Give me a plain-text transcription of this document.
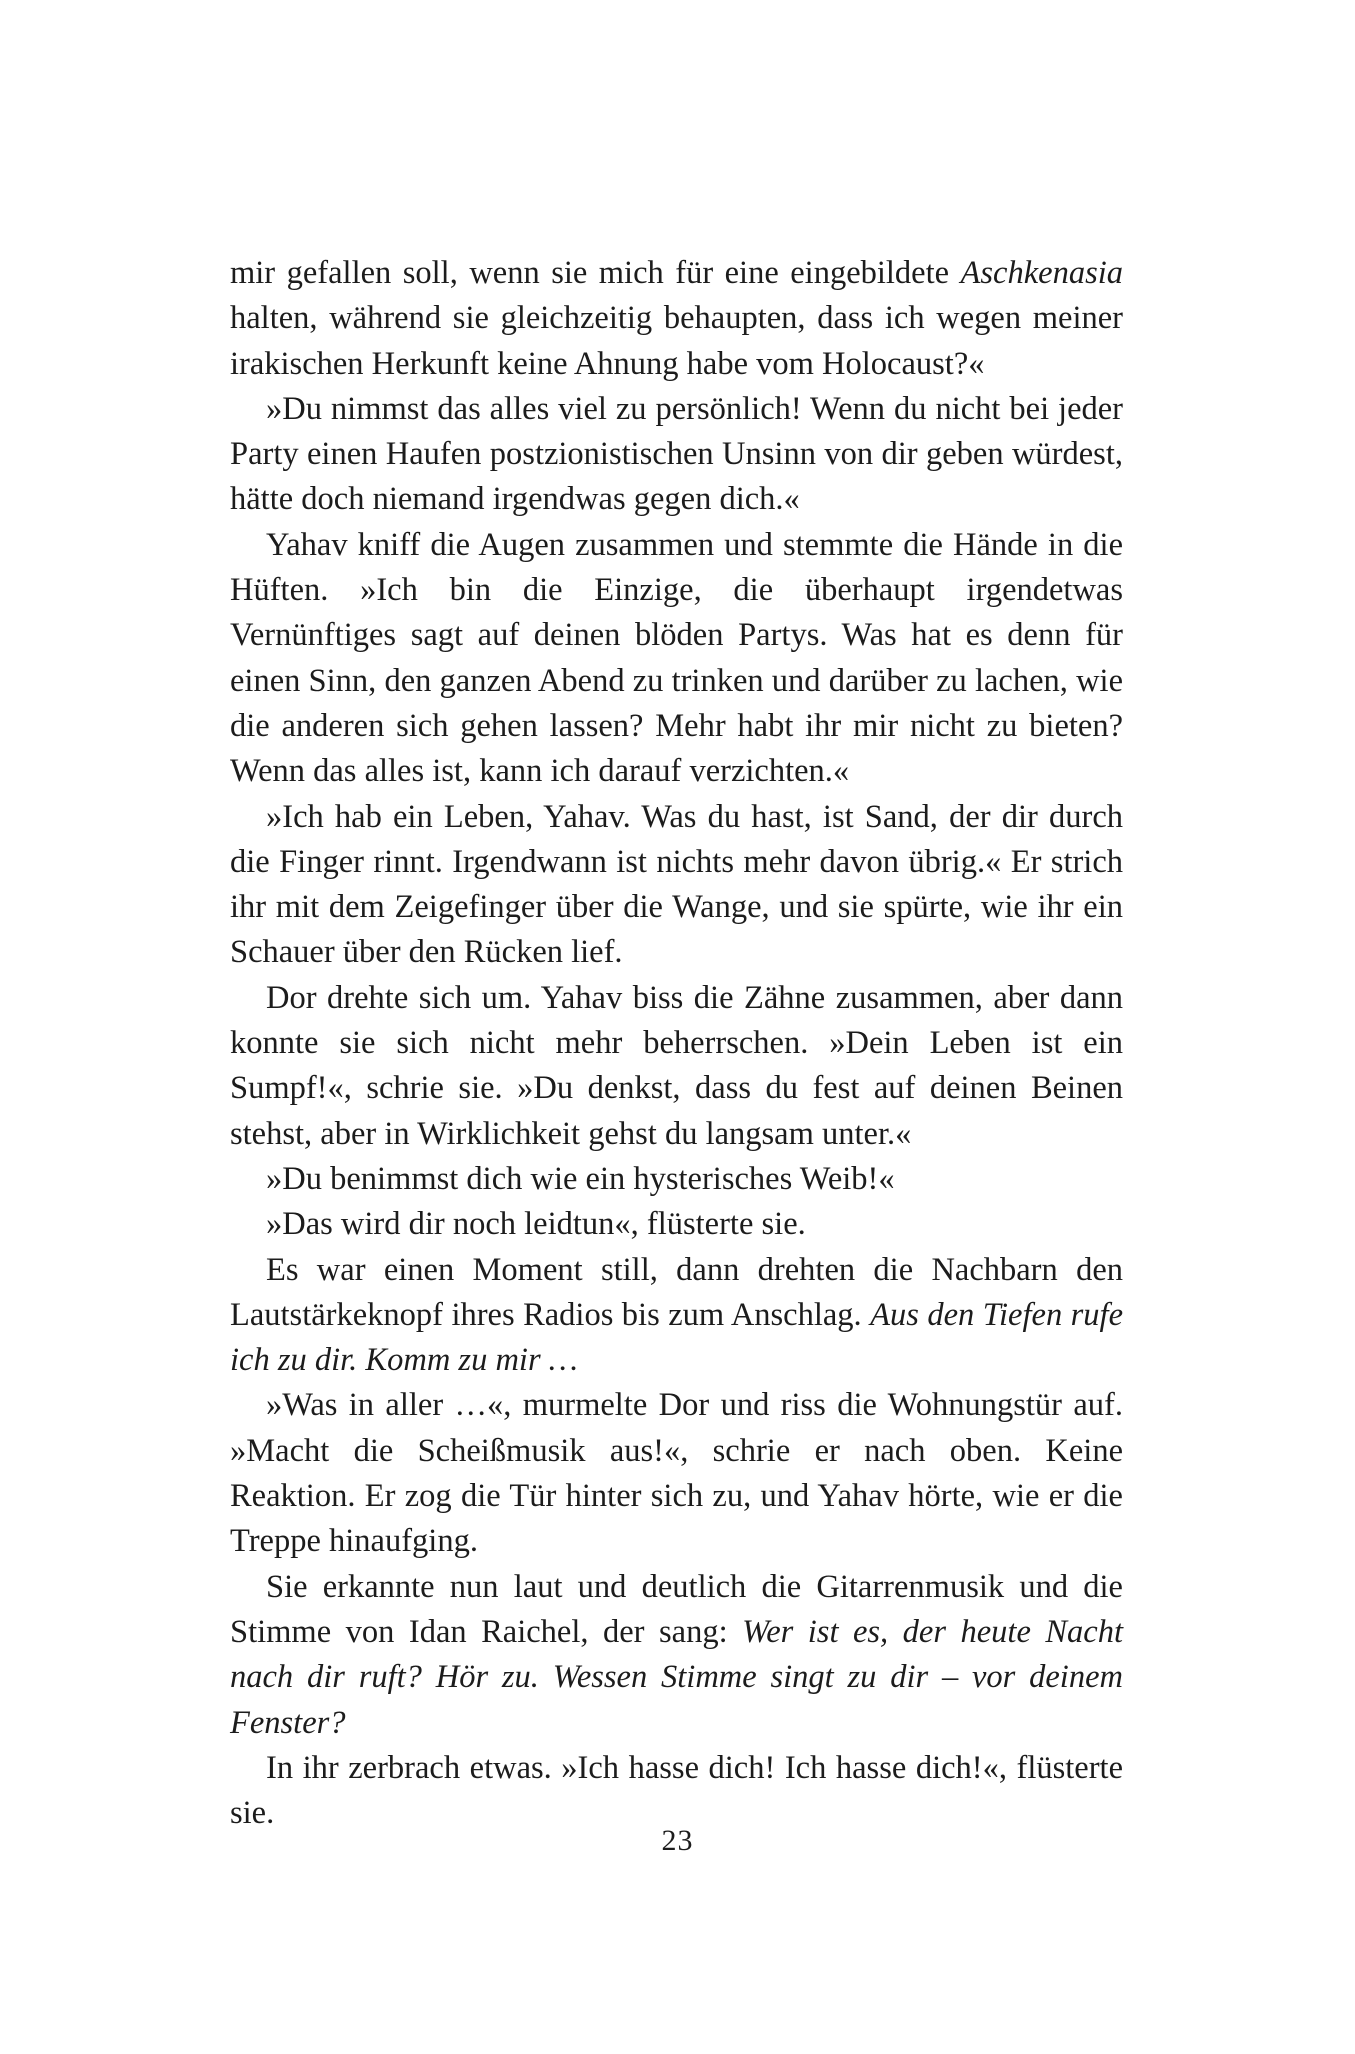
mir gefallen soll, wenn sie mich für eine eingebildete Aschkenasia halten, während sie gleichzeitig behaupten, dass ich wegen meiner irakischen Herkunft keine Ahnung habe vom Holocaust?«

»Du nimmst das alles viel zu persönlich! Wenn du nicht bei jeder Party einen Haufen postzionistischen Unsinn von dir geben würdest, hätte doch niemand irgendwas gegen dich.«

Yahav kniff die Augen zusammen und stemmte die Hände in die Hüften. »Ich bin die Einzige, die überhaupt irgendetwas Vernünftiges sagt auf deinen blöden Partys. Was hat es denn für einen Sinn, den ganzen Abend zu trinken und darüber zu lachen, wie die anderen sich gehen lassen? Mehr habt ihr mir nicht zu bieten? Wenn das alles ist, kann ich darauf verzichten.«

»Ich hab ein Leben, Yahav. Was du hast, ist Sand, der dir durch die Finger rinnt. Irgendwann ist nichts mehr davon übrig.« Er strich ihr mit dem Zeigefinger über die Wange, und sie spürte, wie ihr ein Schauer über den Rücken lief.

Dor drehte sich um. Yahav biss die Zähne zusammen, aber dann konnte sie sich nicht mehr beherrschen. »Dein Leben ist ein Sumpf!«, schrie sie. »Du denkst, dass du fest auf deinen Beinen stehst, aber in Wirklichkeit gehst du langsam unter.«

»Du benimmst dich wie ein hysterisches Weib!«

»Das wird dir noch leidtun«, flüsterte sie.

Es war einen Moment still, dann drehten die Nachbarn den Lautstärkeknopf ihres Radios bis zum Anschlag. Aus den Tiefen rufe ich zu dir. Komm zu mir …

»Was in aller …«, murmelte Dor und riss die Wohnungstür auf. »Macht die Scheißmusik aus!«, schrie er nach oben. Keine Reaktion. Er zog die Tür hinter sich zu, und Yahav hörte, wie er die Treppe hinaufging.

Sie erkannte nun laut und deutlich die Gitarrenmusik und die Stimme von Idan Raichel, der sang: Wer ist es, der heute Nacht nach dir ruft? Hör zu. Wessen Stimme singt zu dir – vor deinem Fenster?

In ihr zerbrach etwas. »Ich hasse dich! Ich hasse dich!«, flüsterte sie.

23
